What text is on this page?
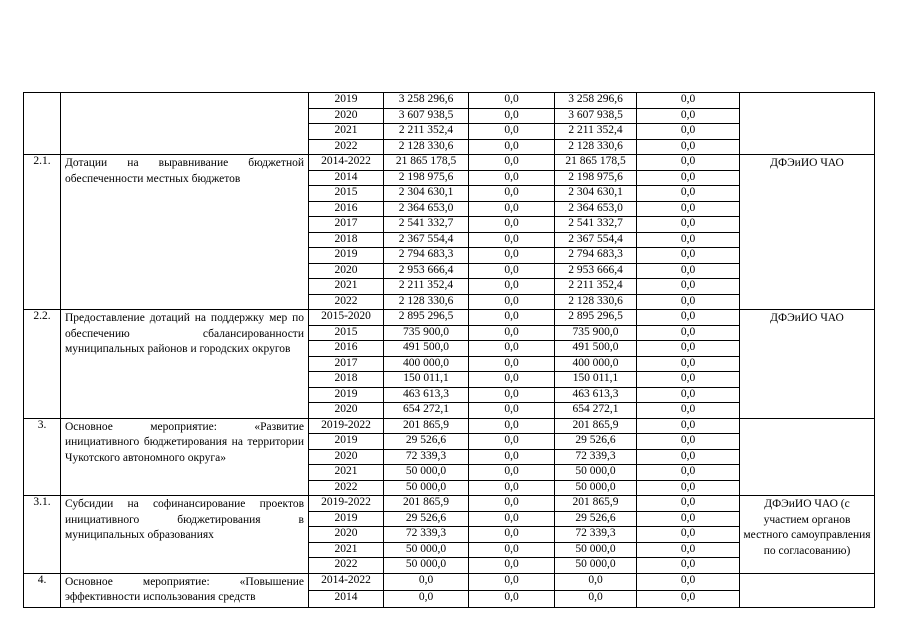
		2019	3 258 296,6	0,0	3 258 296,6	0,0	
		2020	3 607 938,5	0,0	3 607 938,5	0,0	
		2021	2 211 352,4	0,0	2 211 352,4	0,0	
		2022	2 128 330,6	0,0	2 128 330,6	0,0	
2.1.	Дотации на выравнивание бюджетной обеспеченности местных бюджетов	2014-2022	21 865 178,5	0,0	21 865 178,5	0,0	ДФЭиИО ЧАО
		2014	2 198 975,6	0,0	2 198 975,6	0,0	
		2015	2 304 630,1	0,0	2 304 630,1	0,0	
		2016	2 364 653,0	0,0	2 364 653,0	0,0	
		2017	2 541 332,7	0,0	2 541 332,7	0,0	
		2018	2 367 554,4	0,0	2 367 554,4	0,0	
		2019	2 794 683,3	0,0	2 794 683,3	0,0	
		2020	2 953 666,4	0,0	2 953 666,4	0,0	
		2021	2 211 352,4	0,0	2 211 352,4	0,0	
		2022	2 128 330,6	0,0	2 128 330,6	0,0	
2.2.	Предоставление дотаций на поддержку мер по обеспечению сбалансированности муниципальных районов и городских округов	2015-2020	2 895 296,5	0,0	2 895 296,5	0,0	ДФЭиИО ЧАО
		2015	735 900,0	0,0	735 900,0	0,0	
		2016	491 500,0	0,0	491 500,0	0,0	
		2017	400 000,0	0,0	400 000,0	0,0	
		2018	150 011,1	0,0	150 011,1	0,0	
		2019	463 613,3	0,0	463 613,3	0,0	
		2020	654 272,1	0,0	654 272,1	0,0	
3.	Основное мероприятие: «Развитие инициативного бюджетирования на территории Чукотского автономного округа»	2019-2022	201 865,9	0,0	201 865,9	0,0	
		2019	29 526,6	0,0	29 526,6	0,0	
		2020	72 339,3	0,0	72 339,3	0,0	
		2021	50 000,0	0,0	50 000,0	0,0	
		2022	50 000,0	0,0	50 000,0	0,0	
3.1.	Субсидии на софинансирование проектов инициативного бюджетирования в муниципальных образованиях	2019-2022	201 865,9	0,0	201 865,9	0,0	ДФЭиИО ЧАО (с участием органов местного самоуправления по согласованию)
		2019	29 526,6	0,0	29 526,6	0,0	
		2020	72 339,3	0,0	72 339,3	0,0	
		2021	50 000,0	0,0	50 000,0	0,0	
		2022	50 000,0	0,0	50 000,0	0,0	
4.	Основное мероприятие: «Повышение эффективности использования средств	2014-2022	0,0	0,0	0,0	0,0	
		2014	0,0	0,0	0,0	0,0	
